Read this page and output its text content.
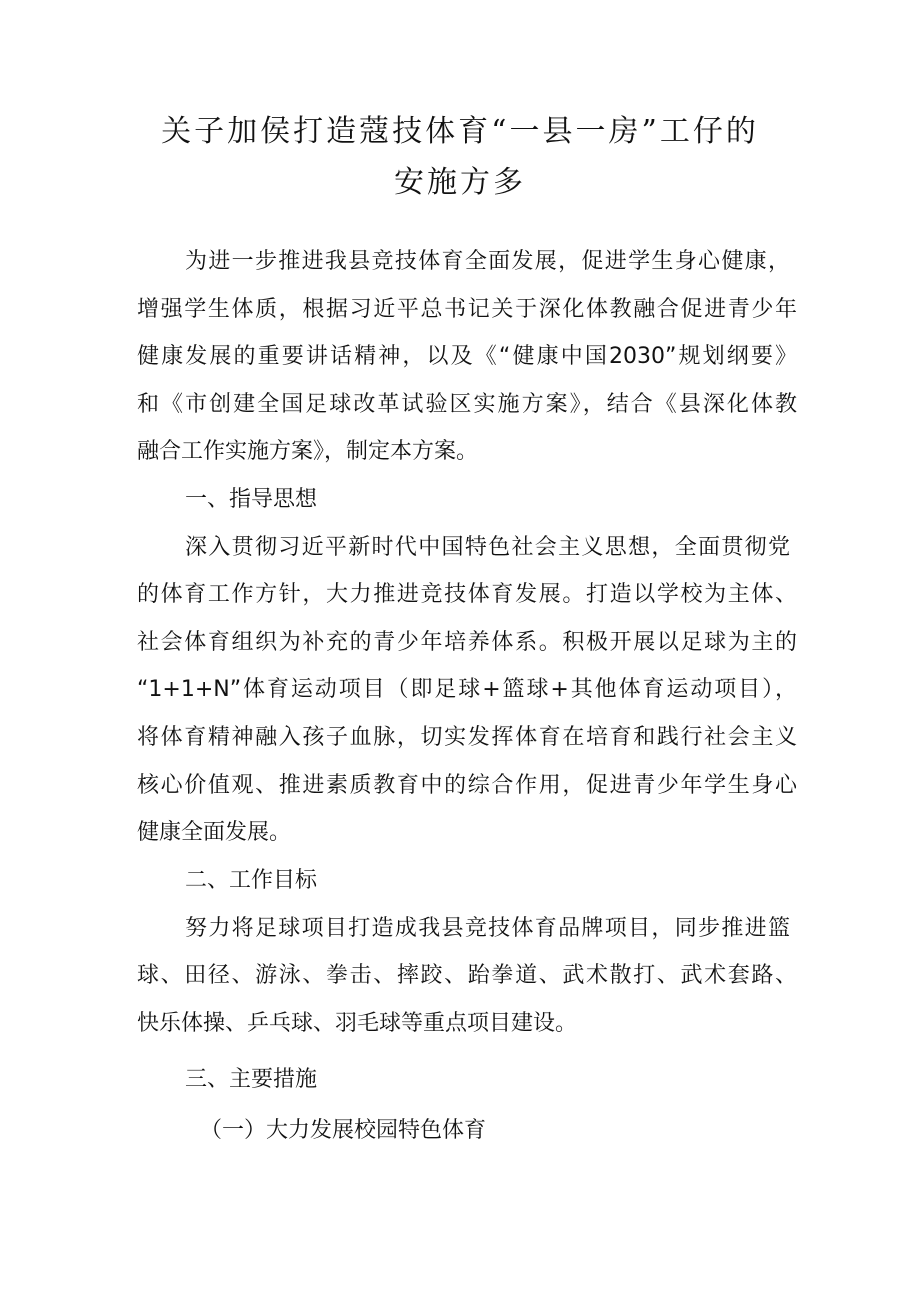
关子加侯打造蔻技体育“一县一房”工仔的
安施方多
为进一步推进我县竞技体育全面发展，促进学生身心健康，
增强学生体质，根据习近平总书记关于深化体教融合促进青少年
健康发展的重要讲话精神，以及《“健康中国2030”规划纲要》
和《市创建全国足球改革试验区实施方案》，结合《县深化体教
融合工作实施方案》，制定本方案。
一、指导思想
深入贯彻习近平新时代中国特色社会主义思想，全面贯彻党
的体育工作方针，大力推进竞技体育发展。打造以学校为主体、
社会体育组织为补充的青少年培养体系。积极开展以足球为主的
“1+1+N”体育运动项目（即足球+篮球+其他体育运动项目），
将体育精神融入孩子血脉，切实发挥体育在培育和践行社会主义
核心价值观、推进素质教育中的综合作用，促进青少年学生身心
健康全面发展。
二、工作目标
努力将足球项目打造成我县竞技体育品牌项目，同步推进篮
球、田径、游泳、拳击、摔跤、跆拳道、武术散打、武术套路、
快乐体操、乒乓球、羽毛球等重点项目建设。
三、主要措施
（一）大力发展校园特色体育
